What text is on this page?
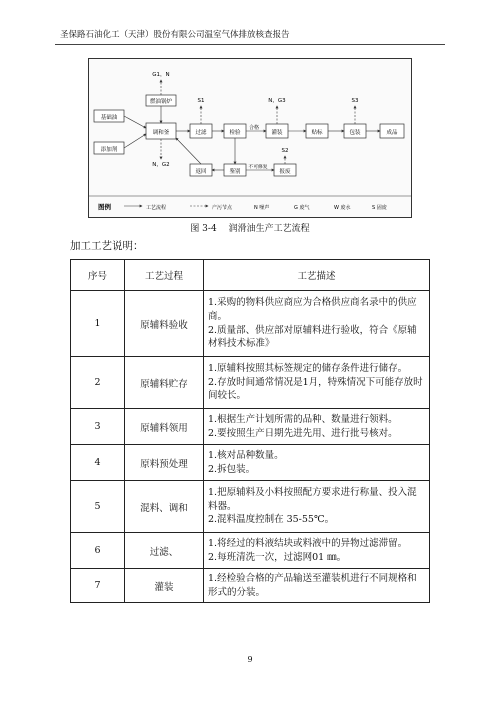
圣保路石油化工（天津）股份有限公司温室气体排放核查报告
基础油
添加剂
燃油锅炉
G1，N
调和釜
N，G2
过滤
S1
检验
合格
灌装
N，G3
贴标	包装
S3
成品
返回	鉴别
不可修复
报废
S2
图例	工艺流程	产污节点	N 噪声	G 废气	W 废水	S 固废
图 3-4 润滑油生产工艺流程
加工工艺说明：
序号	工艺过程	工艺描述
1	原辅料验收	1.采购的物料供应商应为合格供应商名录中的供应商。
2.质量部、供应部对原辅料进行验收，符合《原辅材料技术标准》

2	原辅料贮存	1.原辅料按照其标签规定的储存条件进行储存。
2.存放时间通常情况是1月，特殊情况下可能存放时间较长。

3	原辅料领用	1.根据生产计划所需的品种、数量进行领料。
2.要按照生产日期先进先用、进行批号核对。

4	原料预处理	1.核对品种数量。
2.拆包装。

5	混料、调和	1.把原辅料及小料按照配方要求进行称量、投入混料器。
2.混料温度控制在 35-55℃。

6	过滤、	1.将经过的料液结块或料液中的异物过滤滞留。
2.每班清洗一次，过滤网01 ㎜。

7	灌装	1.经检验合格的产品输送至灌装机进行不同规格和形式的分装。
9
